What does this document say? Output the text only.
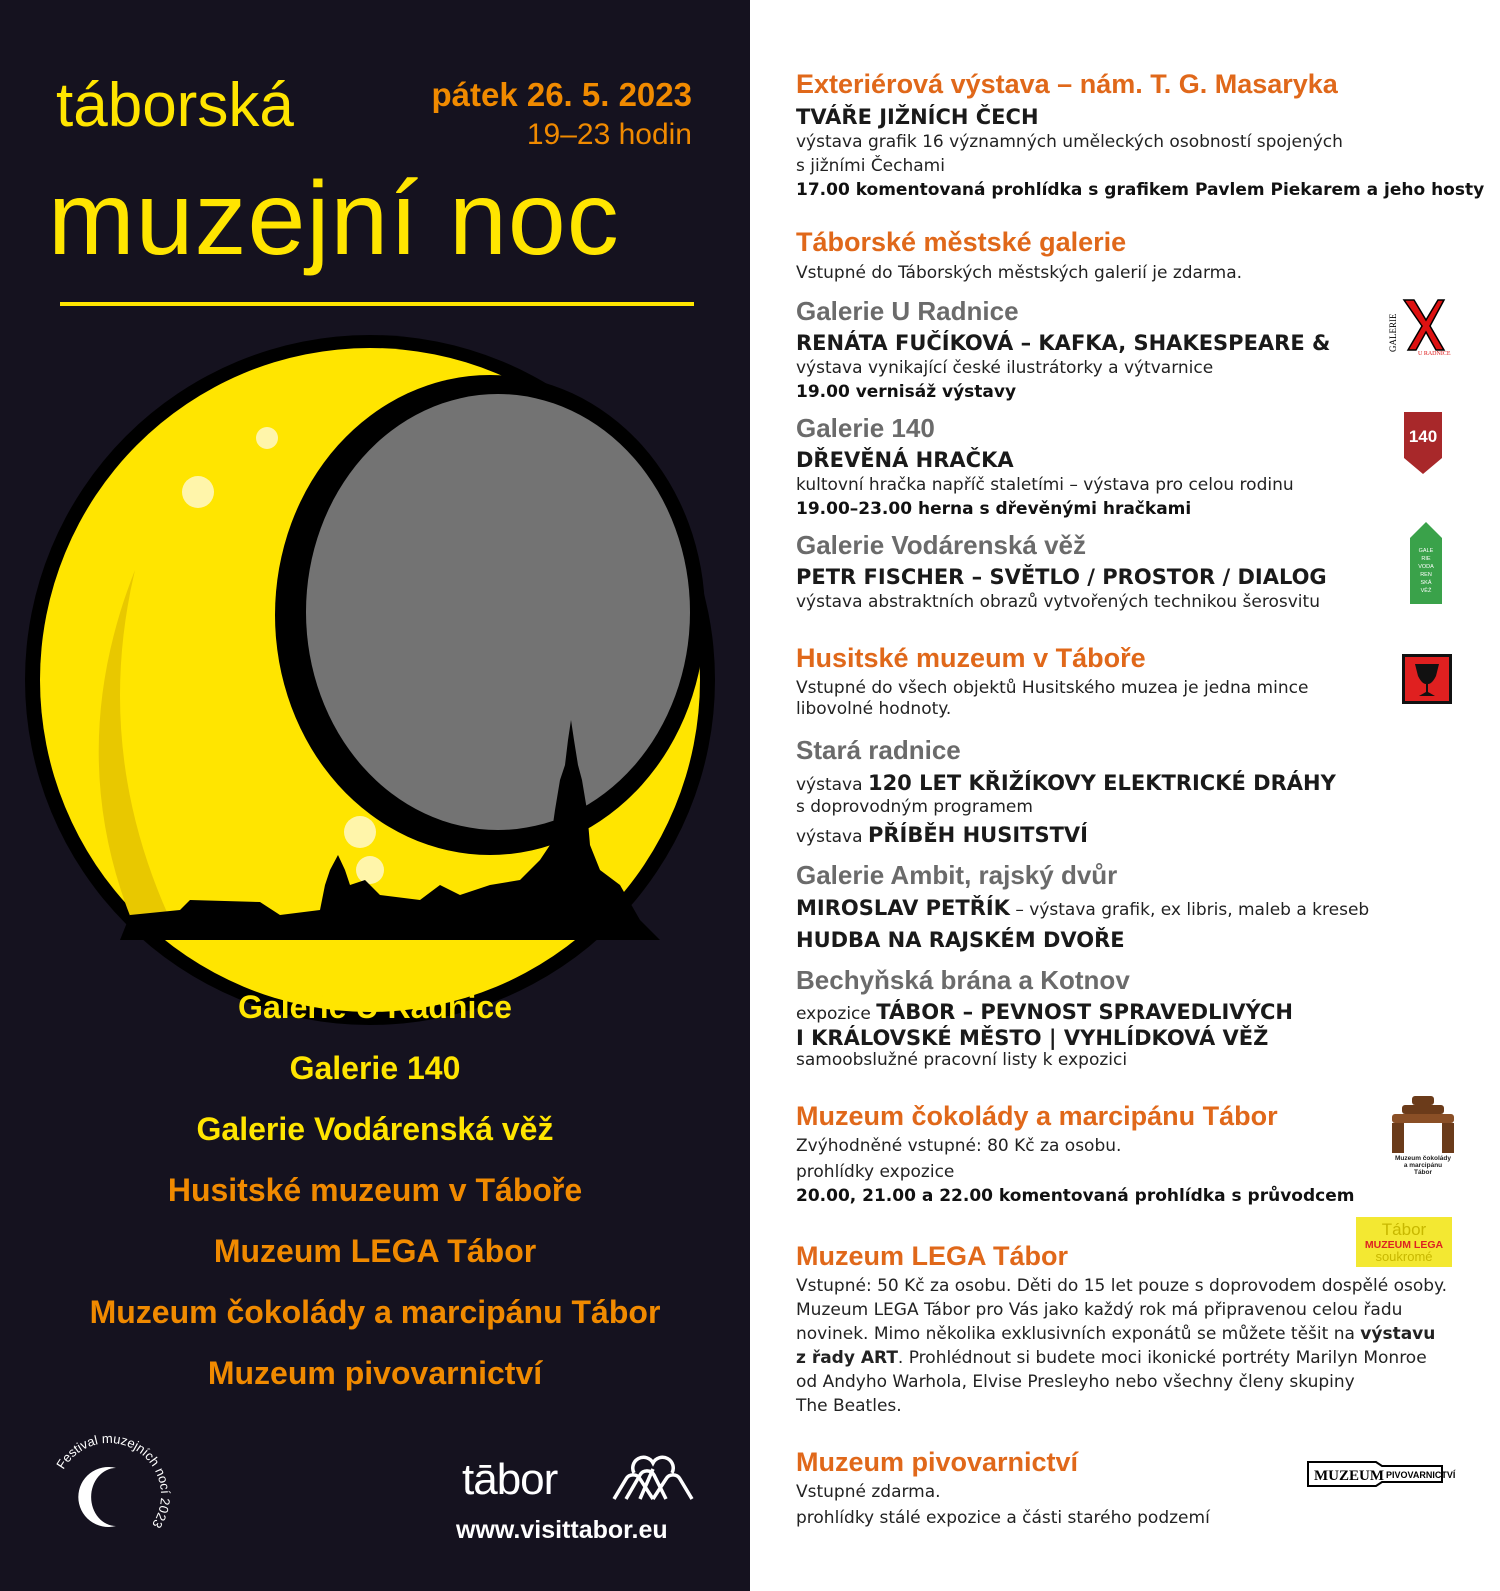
táborská	pátek 26. 5. 2023
19–23 hodin
muzejní noc
Galerie U Radnice
Galerie 140
Galerie Vodárenská věž
Husitské muzeum v Táboře
Muzeum LEGA Tábor
Muzeum čokolády a marcipánu Tábor
Muzeum pivovarnictví
Festival muzejních nocí 2023
tābor
www.visittabor.eu
Exteriérová výstava – nám. T. G. Masaryka
TVÁŘE JIŽNÍCH ČECH
výstava grafik 16 významných uměleckých osobností spojených
s jižními Čechami
17.00 komentovaná prohlídka s grafikem Pavlem Piekarem a jeho hosty
Táborské městské galerie
Vstupné do Táborských městských galerií je zdarma.
Galerie U Radnice
RENÁTA FUČÍKOVÁ – KAFKA, SHAKESPEARE &
výstava vynikající české ilustrátorky a výtvarnice
19.00 vernisáž výstavy
GALERIE
U RADNICE
Galerie 140
DŘEVĚNÁ HRAČKA
kultovní hračka napříč staletími – výstava pro celou rodinu
19.00–23.00 herna s dřevěnými hračkami
140
Galerie Vodárenská věž
PETR FISCHER – SVĚTLO / PROSTOR / DIALOG
výstava abstraktních obrazů vytvořených technikou šerosvitu
GALE
RIE
VODA
REN
SKÁ
VĚŽ
Husitské muzeum v Táboře
Vstupné do všech objektů Husitského muzea je jedna mince
libovolné hodnoty.
Stará radnice
výstava 120 LET KŘIŽÍKOVY ELEKTRICKÉ DRÁHY
s doprovodným programem
výstava PŘÍBĚH HUSITSTVÍ
Galerie Ambit, rajský dvůr
MIROSLAV PETŘÍK – výstava grafik, ex libris, maleb a kreseb
HUDBA NA RAJSKÉM DVOŘE
Bechyňská brána a Kotnov
expozice TÁBOR – PEVNOST SPRAVEDLIVÝCH
I KRÁLOVSKÉ MĚSTO | VYHLÍDKOVÁ VĚŽ
samoobslužné pracovní listy k expozici
Muzeum čokolády a marcipánu Tábor
Zvýhodněné vstupné: 80 Kč za osobu.
prohlídky expozice
20.00, 21.00 a 22.00 komentovaná prohlídka s průvodcem
Muzeum čokolády
a marcipánu
Tábor
Muzeum LEGA Tábor
Vstupné: 50 Kč za osobu. Děti do 15 let pouze s doprovodem dospělé osoby.
Muzeum LEGA Tábor pro Vás jako každý rok má připravenou celou řadu
novinek. Mimo několika exklusivních exponátů se můžete těšit na výstavu
z řady ART. Prohlédnout si budete moci ikonické portréty Marilyn Monroe
od Andyho Warhola, Elvise Presleyho nebo všechny členy skupiny
The Beatles.
Tábor
MUZEUM LEGA
soukromé
Muzeum pivovarnictví
Vstupné zdarma.
prohlídky stálé expozice a části starého podzemí
MUZEUM PIVOVARNICTVÍ
